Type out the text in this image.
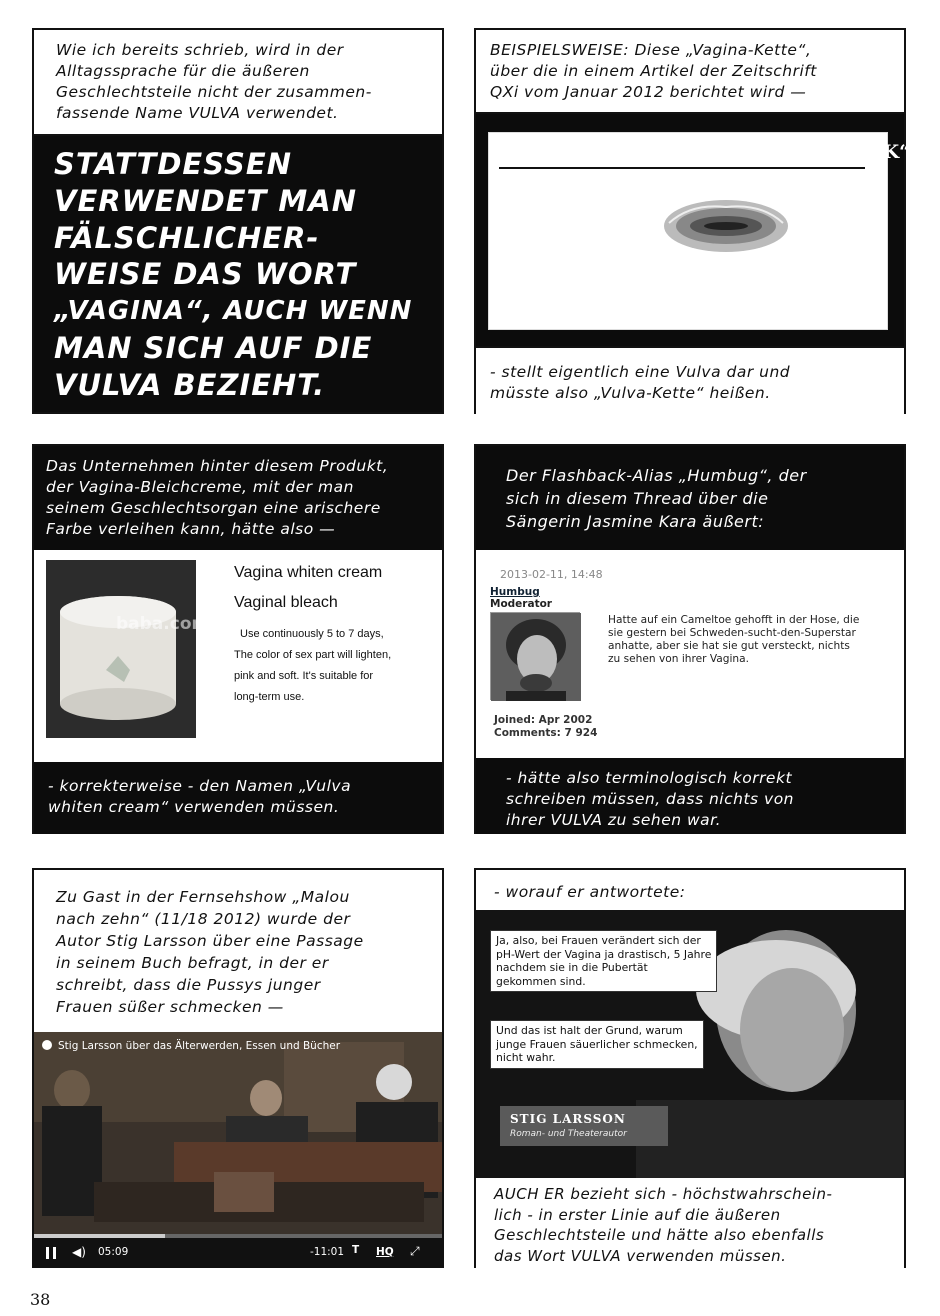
Wie ich bereits schrieb, wird in der

Alltagssprache für die äußeren

Geschlechtsteile nicht der zusammen-

fassende Name VULVA verwendet.

STATTDESSEN

VERWENDET MAN

FÄLSCHLICHER-

WEISE DAS WORT

„VAGINA“, AUCH WENN

MAN SICH AUF DIE

VULVA BEZIEHT.

BEISPIELSWEISE: Diese „Vagina-Kette“,

über die in einem Artikel der Zeitschrift

QXi vom Januar 2012 berichtet wird —

„VIKTOR MACHT VAGINA-SCHMUCK“

Die Idee für die Vagina-

Kette war zunächst ein

Witz, entwickelte sich aber

anschließend zu einem der

Produkte, auf die er am

besonders stolz ist.

„Das ist ein richtiger

Bestseller“, erzählt Viktor

Erlandsson begeistert.

Die Vagina-Kette

- stellt eigentlich eine Vulva dar und

müsste also „Vulva-Kette“ heißen.

Das Unternehmen hinter diesem Produkt,

der Vagina-Bleichcreme, mit der man

seinem Geschlechtsorgan eine arischere

Farbe verleihen kann, hätte also —

baba.com
Vagina whiten cream
Vaginal bleach

Use continuously 5 to 7 days,

The color of sex part will lighten,

pink and soft. It's suitable for

long-term use.

- korrekterweise - den Namen „Vulva

whiten cream“ verwenden müssen.

Der Flashback-Alias „Humbug“, der

sich in diesem Thread über die

Sängerin Jasmine Kara äußert:

2013-02-11, 14:48
Humbug
Moderator

Joined: Apr 2002

Comments: 7 924

Hatte auf ein Cameltoe gehofft in der Hose, die

sie gestern bei Schweden-sucht-den-Superstar

anhatte, aber sie hat sie gut versteckt, nichts

zu sehen von ihrer Vagina.

- hätte also terminologisch korrekt

schreiben müssen, dass nichts von

ihrer VULVA zu sehen war.

Zu Gast in der Fernsehshow „Malou

nach zehn“ (11/18 2012) wurde der

Autor Stig Larsson über eine Passage

in seinem Buch befragt, in der er

schreibt, dass die Pussys junger

Frauen süßer schmecken —

Stig Larsson über das Älterwerden, Essen und Bücher
◀) 05:09	-11:01 T HQ ⤢
- worauf er antwortete:

Ja, also, bei Frauen verändert sich der

pH-Wert der Vagina ja drastisch, 5 Jahre

nachdem sie in die Pubertät

gekommen sind.

Und das ist halt der Grund, warum

junge Frauen säuerlicher schmecken,

nicht wahr.

STIG LARSSON
Roman- und Theaterautor

AUCH ER bezieht sich - höchstwahrschein-

lich - in erster Linie auf die äußeren

Geschlechtsteile und hätte also ebenfalls

das Wort VULVA verwenden müssen.

38
